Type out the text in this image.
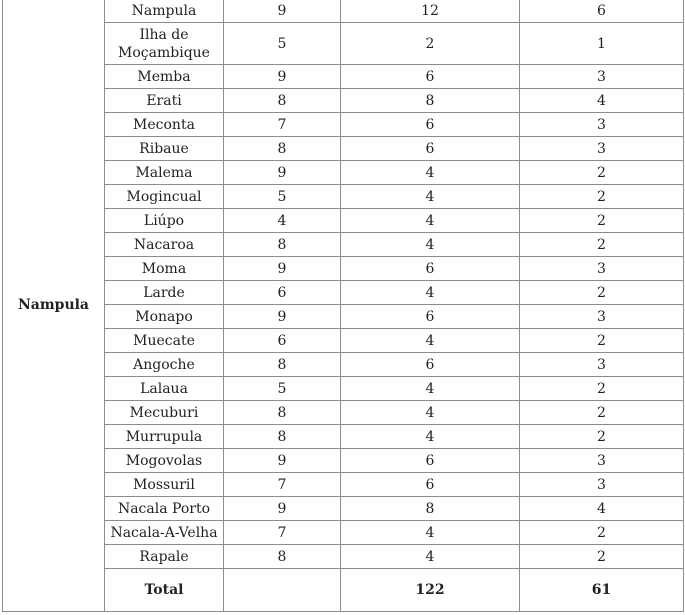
Nampula	Nampula	9	12	6
	Ilha de Moçambique	5	2	1
	Memba	9	6	3
	Erati	8	8	4
	Meconta	7	6	3
	Ribaue	8	6	3
	Malema	9	4	2
	Mogincual	5	4	2
	Liúpo	4	4	2
	Nacaroa	8	4	2
	Moma	9	6	3
	Larde	6	4	2
	Monapo	9	6	3
	Muecate	6	4	2
	Angoche	8	6	3
	Lalaua	5	4	2
	Mecuburi	8	4	2
	Murrupula	8	4	2
	Mogovolas	9	6	3
	Mossuril	7	6	3
	Nacala Porto	9	8	4
	Nacala-A-Velha	7	4	2
	Rapale	8	4	2
	Total		122	61
